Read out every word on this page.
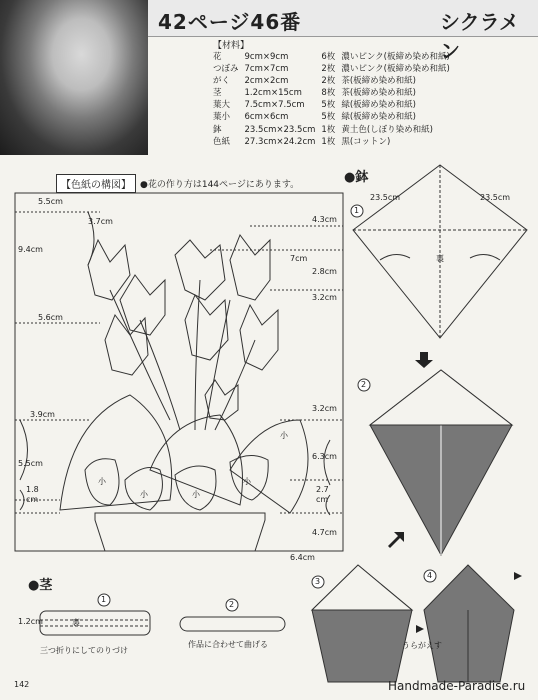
42ページ46番	シクラメン
【材料】
花	9cm×9cm	6枚	濃いピンク(板締め染め和紙)
つぼみ	7cm×7cm	2枚	濃いピンク(板締め染め和紙)
がく	2cm×2cm	2枚	茶(板締め染め和紙)
茎	1.2cm×15cm	8枚	茶(板締め染め和紙)
葉大	7.5cm×7.5cm	5枚	緑(板締め染め和紙)
葉小	6cm×6cm	5枚	緑(板締め染め和紙)
鉢	23.5cm×23.5cm	1枚	黄土色(しぼり染め和紙)
色紙	27.3cm×24.2cm	1枚	黒(コットン)
【色紙の構図】	●花の作り方は144ページにあります。	●鉢
●茎
5.5cm
3.7cm
9.4cm
5.6cm
3.9cm
5.5cm
1.8
cm
4.3cm
7cm
2.8cm
3.2cm
3.2cm
6.3cm
2.7
cm
4.7cm
6.4cm
小
小	小
小
小
23.5cm	23.5cm
裏
1
2
3
4
うらがえす
1.2cm	裏
1
2
三つ折りにしてのりづけ
作品に合わせて曲げる
142	Handmade-Paradise.ru
